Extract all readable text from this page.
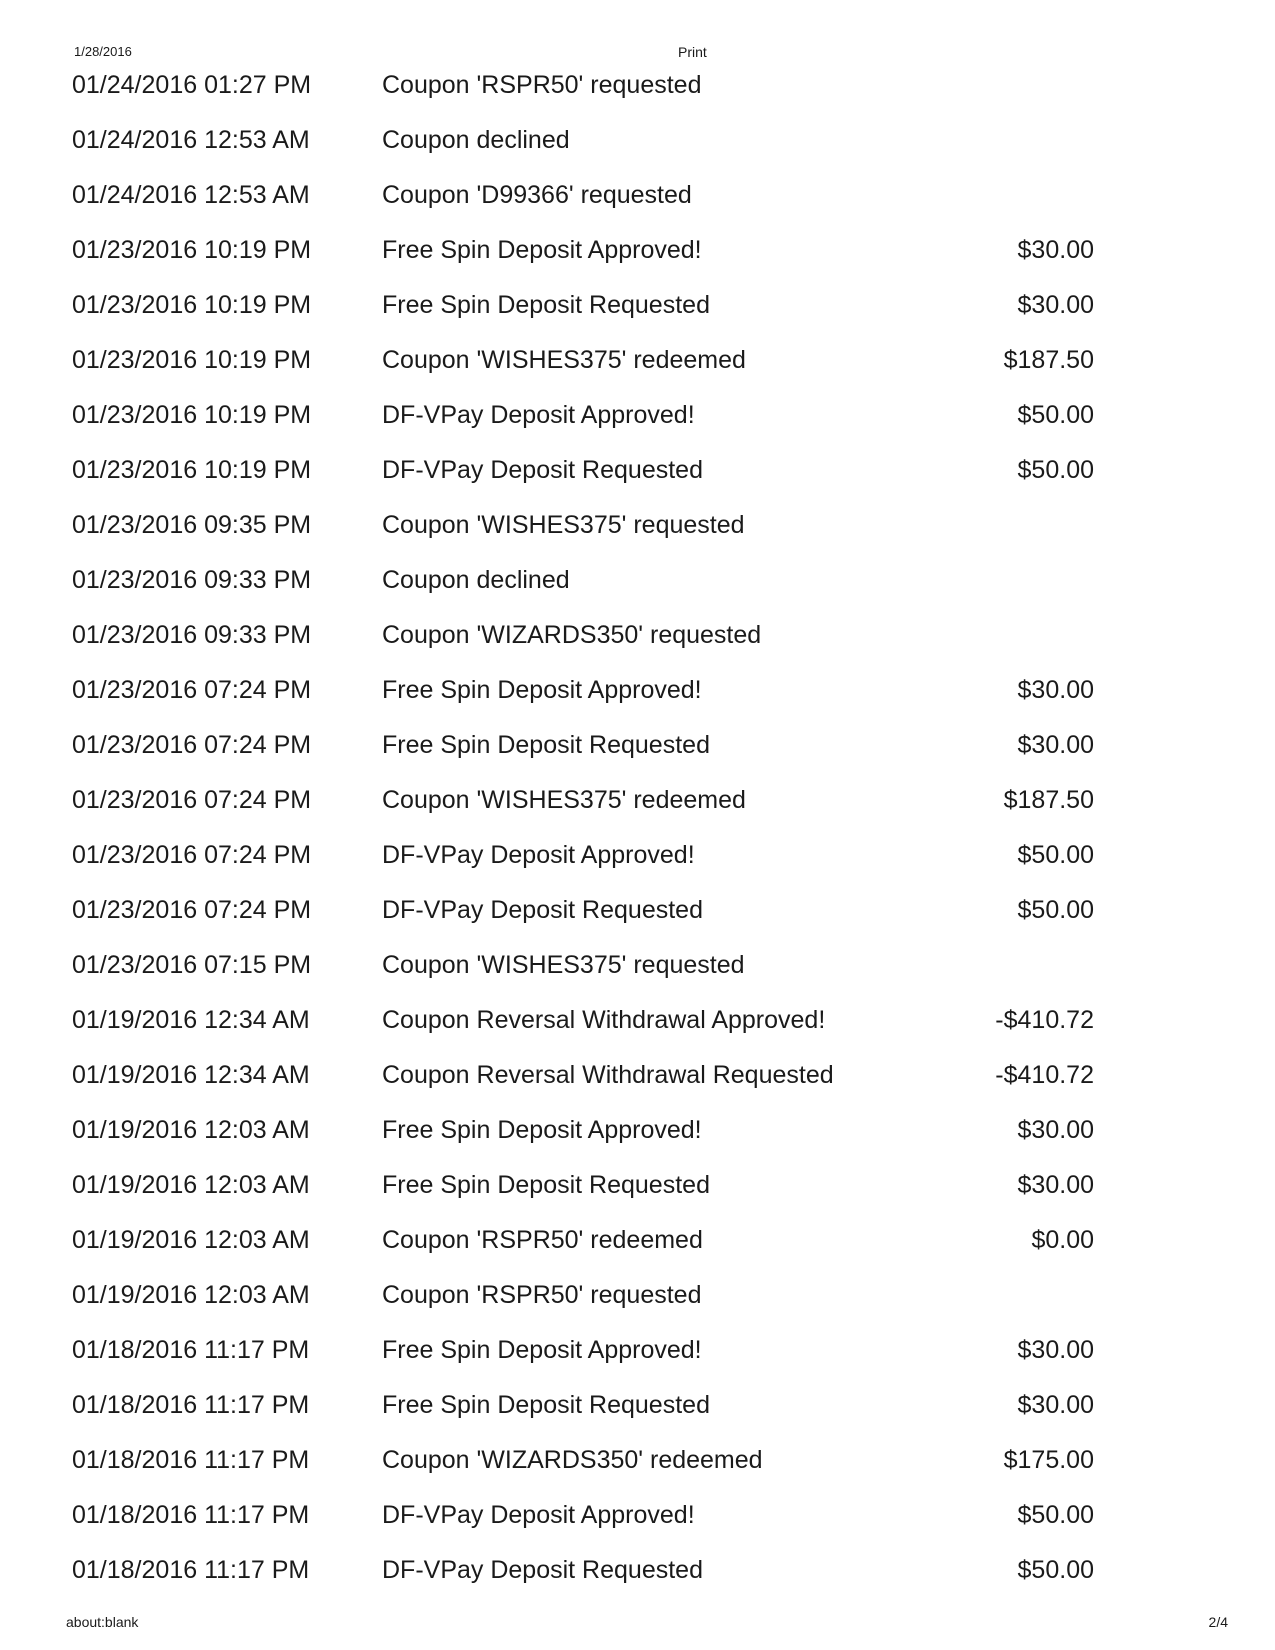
1/28/2016	Print
01/24/2016 01:27 PM	Coupon 'RSPR50' requested
01/24/2016 12:53 AM	Coupon declined
01/24/2016 12:53 AM	Coupon 'D99366' requested
01/23/2016 10:19 PM	Free Spin Deposit Approved!	$30.00
01/23/2016 10:19 PM	Free Spin Deposit Requested	$30.00
01/23/2016 10:19 PM	Coupon 'WISHES375' redeemed	$187.50
01/23/2016 10:19 PM	DF-VPay Deposit Approved!	$50.00
01/23/2016 10:19 PM	DF-VPay Deposit Requested	$50.00
01/23/2016 09:35 PM	Coupon 'WISHES375' requested
01/23/2016 09:33 PM	Coupon declined
01/23/2016 09:33 PM	Coupon 'WIZARDS350' requested
01/23/2016 07:24 PM	Free Spin Deposit Approved!	$30.00
01/23/2016 07:24 PM	Free Spin Deposit Requested	$30.00
01/23/2016 07:24 PM	Coupon 'WISHES375' redeemed	$187.50
01/23/2016 07:24 PM	DF-VPay Deposit Approved!	$50.00
01/23/2016 07:24 PM	DF-VPay Deposit Requested	$50.00
01/23/2016 07:15 PM	Coupon 'WISHES375' requested
01/19/2016 12:34 AM	Coupon Reversal Withdrawal Approved!	-$410.72
01/19/2016 12:34 AM	Coupon Reversal Withdrawal Requested	-$410.72
01/19/2016 12:03 AM	Free Spin Deposit Approved!	$30.00
01/19/2016 12:03 AM	Free Spin Deposit Requested	$30.00
01/19/2016 12:03 AM	Coupon 'RSPR50' redeemed	$0.00
01/19/2016 12:03 AM	Coupon 'RSPR50' requested
01/18/2016 11:17 PM	Free Spin Deposit Approved!	$30.00
01/18/2016 11:17 PM	Free Spin Deposit Requested	$30.00
01/18/2016 11:17 PM	Coupon 'WIZARDS350' redeemed	$175.00
01/18/2016 11:17 PM	DF-VPay Deposit Approved!	$50.00
01/18/2016 11:17 PM	DF-VPay Deposit Requested	$50.00
about:blank	2/4
